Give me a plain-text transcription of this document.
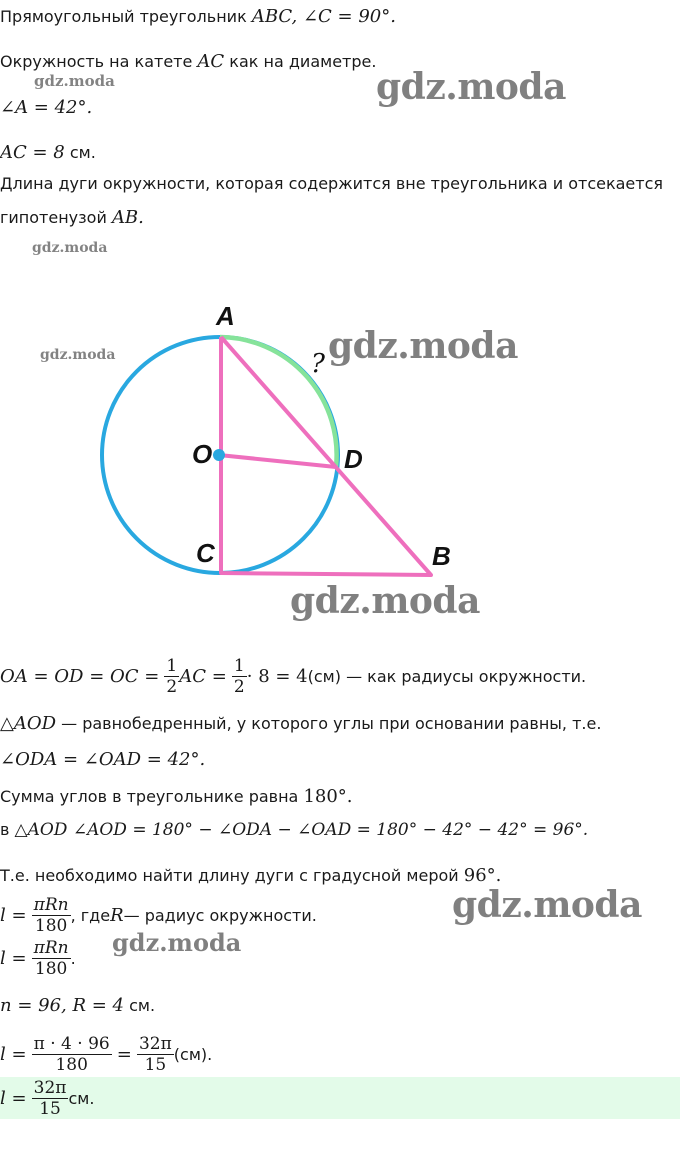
Прямоугольный треугольник ABC, ∠C = 90°.
Окружность на катете AC как на диаметре.
∠A = 42°.
AC = 8 см.
Длина дуги окружности, которая содержится вне треугольника и отсекается
гипотенузой AB.
A
O	D
C	B
?
OA = OD = OC =
$\frac{1}{2}$ AC =
$\frac{1}{2} \cdot 8 = 4$ (см) — как радиусы окружности.
△AOD — равнобедренный, у которого углы при основании равны, т.е.
∠ODA = ∠OAD = 42°.
Сумма углов в треугольнике равна 180°.
в △AOD ∠AOD = 180° − ∠ODA − ∠OAD = 180° − 42° − 42° = 96°.
Т.е. необходимо найти длину дуги с градусной мерой 96°.
l =
$\frac{\text{πRn}}{180}$ , где R — радиус окружности.
l =
$\frac{\text{πRn}}{180}$ .
n = 96, R = 4 см.
l =
$\frac{\pi \cdot 4 \cdot 96}{180}$
=
$\frac{32\pi}{15} (см)$.
l =
$\frac{32\pi}{15}$ см.
gdz.moda	gdz.moda
gdz.moda
gdz.moda	gdz.moda
gdz.moda
gdz.moda
gdz.moda
